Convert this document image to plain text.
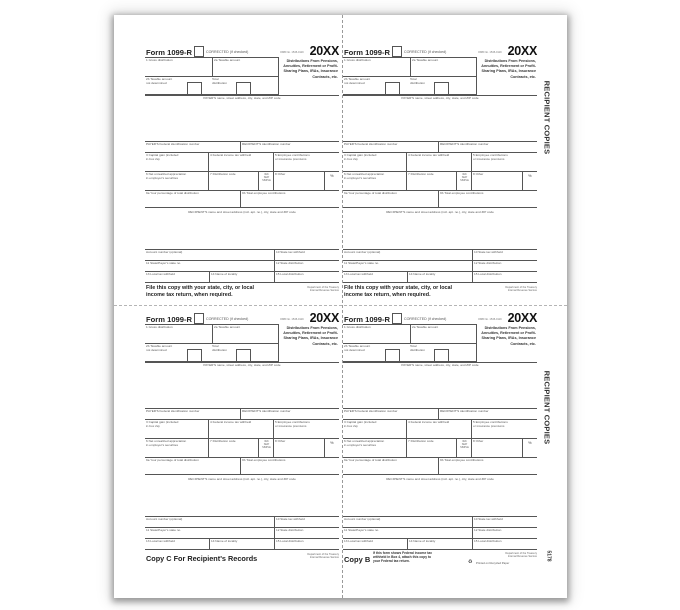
RECIPIENT COPIES
RECIPIENT COPIES
5178
Form 1099-R	CORRECTED (if checked)	OMB No. 1545-0119 20XX
Distributions From Pensions, Annuities, Retirement or Profit-Sharing Plans, IRAs, Insurance Contracts, etc.
1 Gross distribution	2a Taxable amount
2b Taxable amount
not determined
Total
distribution
PAYER'S name, street address, city, state, and ZIP code
PAYER'S Federal identification number	RECIPIENT'S identification number
3 Capital gain (included
in box 2a)
4 Federal income tax withheld	5 Employee contributions
or insurance premiums
6 Net unrealized appreciation
in employer's securities
7 Distribution code	IRA/
SEP/
SIMPLE
8 Other	%
9a Your percentage of total distribution	9b Total employee contributions
RECIPIENT'S name and street address (incl. apt. no.), city, state and ZIP code
Account number (optional)	10 State tax withheld
11 State/Payer's state no.	12 State distribution
13 Local tax withheld	14 Name of locality	15 Local distribution
File this copy with your state, city, or local income tax return, when required.
Department of the Treasury
Internal Revenue Service
Form 1099-R	CORRECTED (if checked)	OMB No. 1545-0119 20XX
Distributions From Pensions, Annuities, Retirement or Profit-Sharing Plans, IRAs, Insurance Contracts, etc.
1 Gross distribution	2a Taxable amount
2b Taxable amount
not determined
Total
distribution
PAYER'S name, street address, city, state, and ZIP code
PAYER'S Federal identification number	RECIPIENT'S identification number
3 Capital gain (included
in box 2a)
4 Federal income tax withheld	5 Employee contributions
or insurance premiums
6 Net unrealized appreciation
in employer's securities
7 Distribution code	IRA/
SEP/
SIMPLE
8 Other	%
9a Your percentage of total distribution	9b Total employee contributions
RECIPIENT'S name and street address (incl. apt. no.), city, state and ZIP code
Account number (optional)	10 State tax withheld
11 State/Payer's state no.	12 State distribution
13 Local tax withheld	14 Name of locality	15 Local distribution
File this copy with your state, city, or local income tax return, when required.
Department of the Treasury
Internal Revenue Service
Form 1099-R	CORRECTED (if checked)	OMB No. 1545-0119 20XX
Distributions From Pensions, Annuities, Retirement or Profit-Sharing Plans, IRAs, Insurance Contracts, etc.
1 Gross distribution	2a Taxable amount
2b Taxable amount
not determined
Total
distribution
PAYER'S name, street address, city, state, and ZIP code
PAYER'S Federal identification number	RECIPIENT'S identification number
3 Capital gain (included
in box 2a)
4 Federal income tax withheld	5 Employee contributions
or insurance premiums
6 Net unrealized appreciation
in employer's securities
7 Distribution code	IRA/
SEP/
SIMPLE
8 Other	%
9a Your percentage of total distribution	9b Total employee contributions
RECIPIENT'S name and street address (incl. apt. no.), city, state and ZIP code
Account number (optional)	10 State tax withheld
11 State/Payer's state no.	12 State distribution
13 Local tax withheld	14 Name of locality	15 Local distribution
Copy C For Recipient's Records	Department of the Treasury
Internal Revenue Service
Form 1099-R	CORRECTED (if checked)	OMB No. 1545-0119 20XX
Distributions From Pensions, Annuities, Retirement or Profit-Sharing Plans, IRAs, Insurance Contracts, etc.
1 Gross distribution	2a Taxable amount
2b Taxable amount
not determined
Total
distribution
PAYER'S name, street address, city, state, and ZIP code
PAYER'S Federal identification number	RECIPIENT'S identification number
3 Capital gain (included
in box 2a)
4 Federal income tax withheld	5 Employee contributions
or insurance premiums
6 Net unrealized appreciation
in employer's securities
7 Distribution code	IRA/
SEP/
SIMPLE
8 Other	%
9a Your percentage of total distribution	9b Total employee contributions
RECIPIENT'S name and street address (incl. apt. no.), city, state and ZIP code
Account number (optional)	10 State tax withheld
11 State/Payer's state no.	12 State distribution
13 Local tax withheld	14 Name of locality	15 Local distribution
Copy B
If this form shows Federal income tax withheld in Box 4, attach this copy to your Federal tax return.
Department of the Treasury
Internal Revenue Service
♻ Printed on Recycled Paper
